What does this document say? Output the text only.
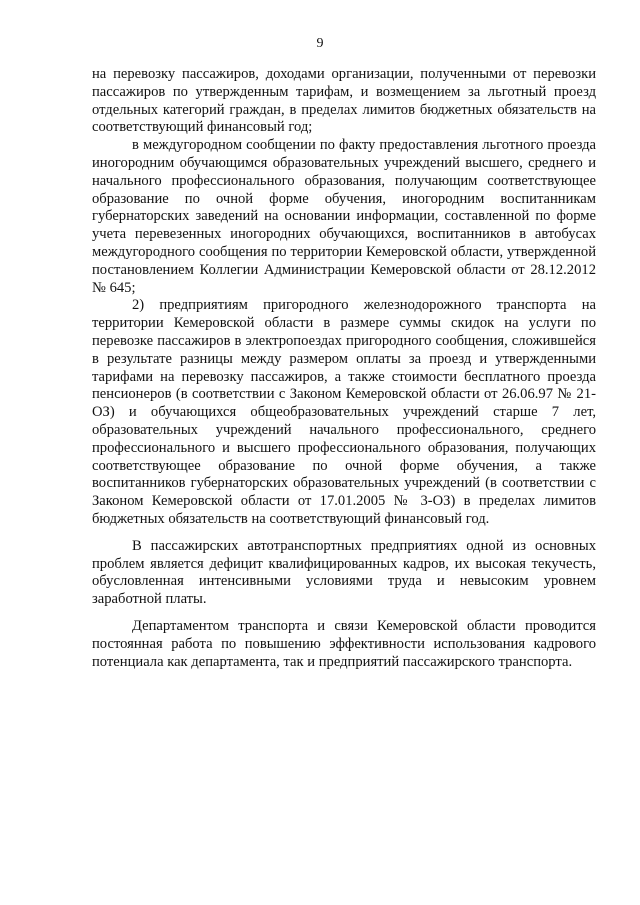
9

на перевозку пассажиров, доходами организации, полученными от перевозки пассажиров по утвержденным тарифам, и возмещением за льготный проезд отдельных категорий граждан, в пределах лимитов бюджетных обязательств на соответствующий финансовый год;

в междугородном сообщении по факту предоставления льготного проезда иногородним обучающимся образовательных учреждений высшего, среднего и начального профессионального образования, получающим соответствующее образование по очной форме обучения, иногородним воспитанникам губернаторских заведений на основании информации, составленной по форме учета перевезенных иногородних обучающихся, воспитанников в автобусах междугородного сообщения по территории Кемеровской области, утвержденной постановлением Коллегии Администрации Кемеровской области от 28.12.2012 № 645;

2) предприятиям пригородного железнодорожного транспорта на территории Кемеровской области в размере суммы скидок на услуги по перевозке пассажиров в электропоездах пригородного сообщения, сложившейся в результате разницы между размером оплаты за проезд и утвержденными тарифами на перевозку пассажиров, а также стоимости бесплатного проезда пенсионеров (в соответствии с Законом Кемеровской области от 26.06.97 № 21-ОЗ) и обучающихся общеобразовательных учреждений старше 7 лет, образовательных учреждений начального профессионального, среднего профессионального и высшего профессионального образования, получающих соответствующее образование по очной форме обучения, а также воспитанников губернаторских образовательных учреждений (в соответствии с Законом Кемеровской области от 17.01.2005 № 3-ОЗ) в пределах лимитов бюджетных обязательств на соответствующий финансовый год.

В пассажирских автотранспортных предприятиях одной из основных проблем является дефицит квалифицированных кадров, их высокая текучесть, обусловленная интенсивными условиями труда и невысоким уровнем заработной платы.

Департаментом транспорта и связи Кемеровской области проводится постоянная работа по повышению эффективности использования кадрового потенциала как департамента, так и предприятий пассажирского транспорта.
